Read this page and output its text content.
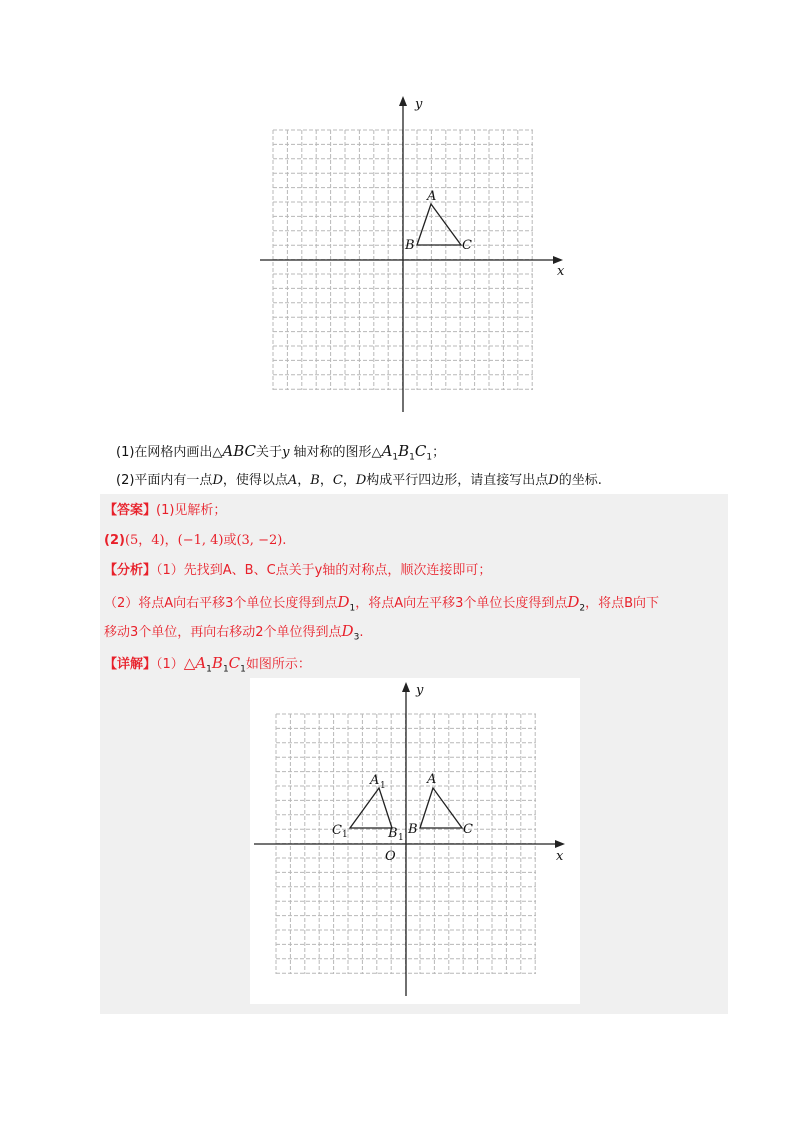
x
y
A
B	C
(1)在网格内画出△ABC关于y 轴对称的图形$\triangle A_1B_1C_1$；
(2)平面内有一点D，使得以点A，B，C，D构成平行四边形，请直接写出点D的坐标.
【答案】(1)见解析；
(2)(5，4)，(−1, 4)或(3, −2).
【分析】（1）先找到A、B、C点关于y轴的对称点，顺次连接即可；
（2）将点A向右平移3个单位长度得到点$D_1$，将点A向左平移3个单位长度得到点$D_2$，将点B向下
移动3个单位，再向右移动2个单位得到点$D_3$.
【详解】$(1)\triangle A_1B_1C_1$如图所示：
x
y
O
A
B	C
A 1
C 1	B 1
